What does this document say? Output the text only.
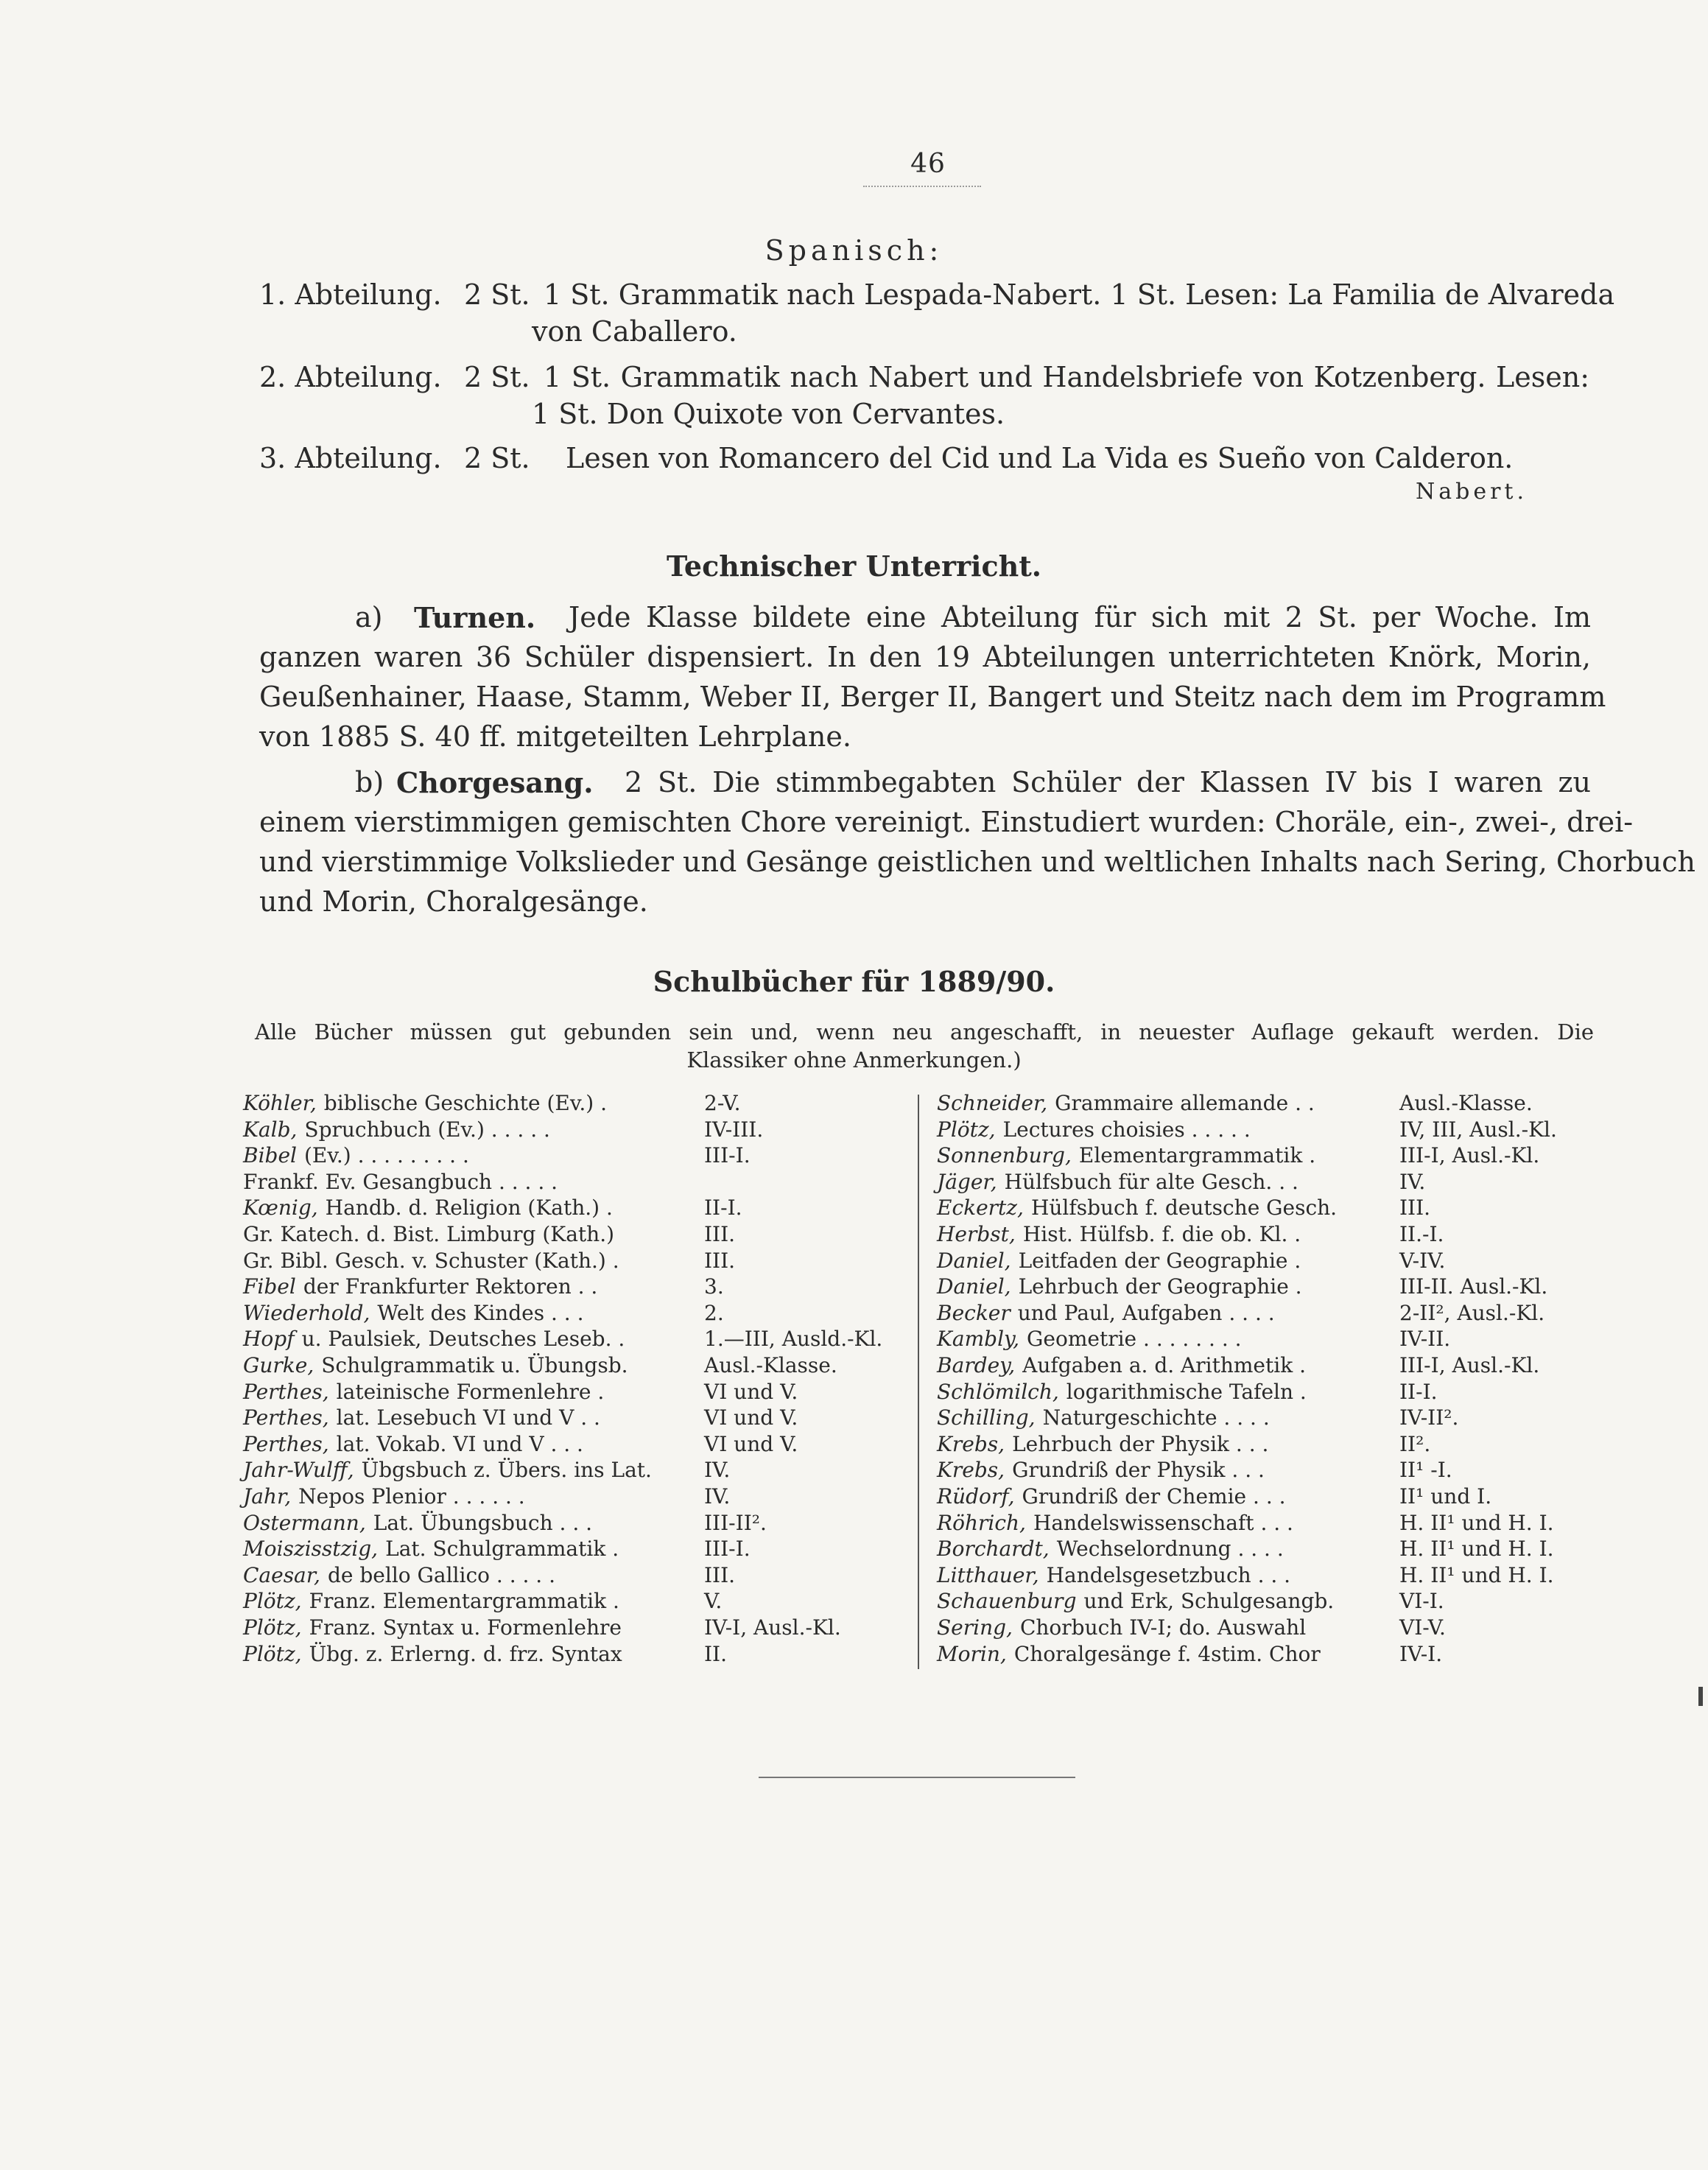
46
Spanisch:
1. Abteilung. 2 St. 1 St. Grammatik nach Lespada-Nabert. 1 St. Lesen: La Familia de Alvareda
von Caballero.
2. Abteilung. 2 St. 1 St. Grammatik nach Nabert und Handelsbriefe von Kotzenberg. Lesen:
1 St. Don Quixote von Cervantes.
3. Abteilung. 2 St. Lesen von Romancero del Cid und La Vida es Sueño von Calderon.
Nabert.
Technischer Unterricht.
a) Turnen. Jede Klasse bildete eine Abteilung für sich mit 2 St. per Woche. Im
ganzen waren 36 Schüler dispensiert. In den 19 Abteilungen unterrichteten Knörk, Morin,
Geußenhainer, Haase, Stamm, Weber II, Berger II, Bangert und Steitz nach dem im Programm
von 1885 S. 40 ff. mitgeteilten Lehrplane.
b) Chorgesang. 2 St. Die stimmbegabten Schüler der Klassen IV bis I waren zu
einem vierstimmigen gemischten Chore vereinigt. Einstudiert wurden: Choräle, ein-, zwei-, drei-
und vierstimmige Volkslieder und Gesänge geistlichen und weltlichen Inhalts nach Sering, Chorbuch
und Morin, Choralgesänge.
Schulbücher für 1889/90.
Alle Bücher müssen gut gebunden sein und, wenn neu angeschafft, in neuester Auflage gekauft werden. Die
Klassiker ohne Anmerkungen.)
Köhler, biblische Geschichte (Ev.) .	2-V.
Kalb, Spruchbuch (Ev.) . . . . .	IV-III.
Bibel (Ev.) . . . . . . . . .	III-I.
Frankf. Ev. Gesangbuch . . . . .
Kœnig, Handb. d. Religion (Kath.) .	II-I.
Gr. Katech. d. Bist. Limburg (Kath.)	III.
Gr. Bibl. Gesch. v. Schuster (Kath.) .	III.
Fibel der Frankfurter Rektoren . .	3.
Wiederhold, Welt des Kindes . . .	2.
Hopf u. Paulsiek, Deutsches Leseb. .	1.—III, Ausld.-Kl.
Gurke, Schulgrammatik u. Übungsb.	Ausl.-Klasse.
Perthes, lateinische Formenlehre .	VI und V.
Perthes, lat. Lesebuch VI und V . .	VI und V.
Perthes, lat. Vokab. VI und V . . .	VI und V.
Jahr-Wulff, Übgsbuch z. Übers. ins Lat.	IV.
Jahr, Nepos Plenior . . . . . .	IV.
Ostermann, Lat. Übungsbuch . . .	III-II².
Moiszisstzig, Lat. Schulgrammatik .	III-I.
Caesar, de bello Gallico . . . . .	III.
Plötz, Franz. Elementargrammatik .	V.
Plötz, Franz. Syntax u. Formenlehre	IV-I, Ausl.-Kl.
Plötz, Übg. z. Erlerng. d. frz. Syntax	II.
Schneider, Grammaire allemande . .	Ausl.-Klasse.
Plötz, Lectures choisies . . . . .	IV, III, Ausl.-Kl.
Sonnenburg, Elementargrammatik .	III-I, Ausl.-Kl.
Jäger, Hülfsbuch für alte Gesch. . .	IV.
Eckertz, Hülfsbuch f. deutsche Gesch.	III.
Herbst, Hist. Hülfsb. f. die ob. Kl. .	II.-I.
Daniel, Leitfaden der Geographie .	V-IV.
Daniel, Lehrbuch der Geographie .	III-II. Ausl.-Kl.
Becker und Paul, Aufgaben . . . .	2-II², Ausl.-Kl.
Kambly, Geometrie . . . . . . . .	IV-II.
Bardey, Aufgaben a. d. Arithmetik .	III-I, Ausl.-Kl.
Schlömilch, logarithmische Tafeln .	II-I.
Schilling, Naturgeschichte . . . .	IV-II².
Krebs, Lehrbuch der Physik . . .	II².
Krebs, Grundriß der Physik . . .	II¹ -I.
Rüdorf, Grundriß der Chemie . . .	II¹ und I.
Röhrich, Handelswissenschaft . . .	H. II¹ und H. I.
Borchardt, Wechselordnung . . . .	H. II¹ und H. I.
Litthauer, Handelsgesetzbuch . . .	H. II¹ und H. I.
Schauenburg und Erk, Schulgesangb.	VI-I.
Sering, Chorbuch IV-I; do. Auswahl	VI-V.
Morin, Choralgesänge f. 4stim. Chor	IV-I.
